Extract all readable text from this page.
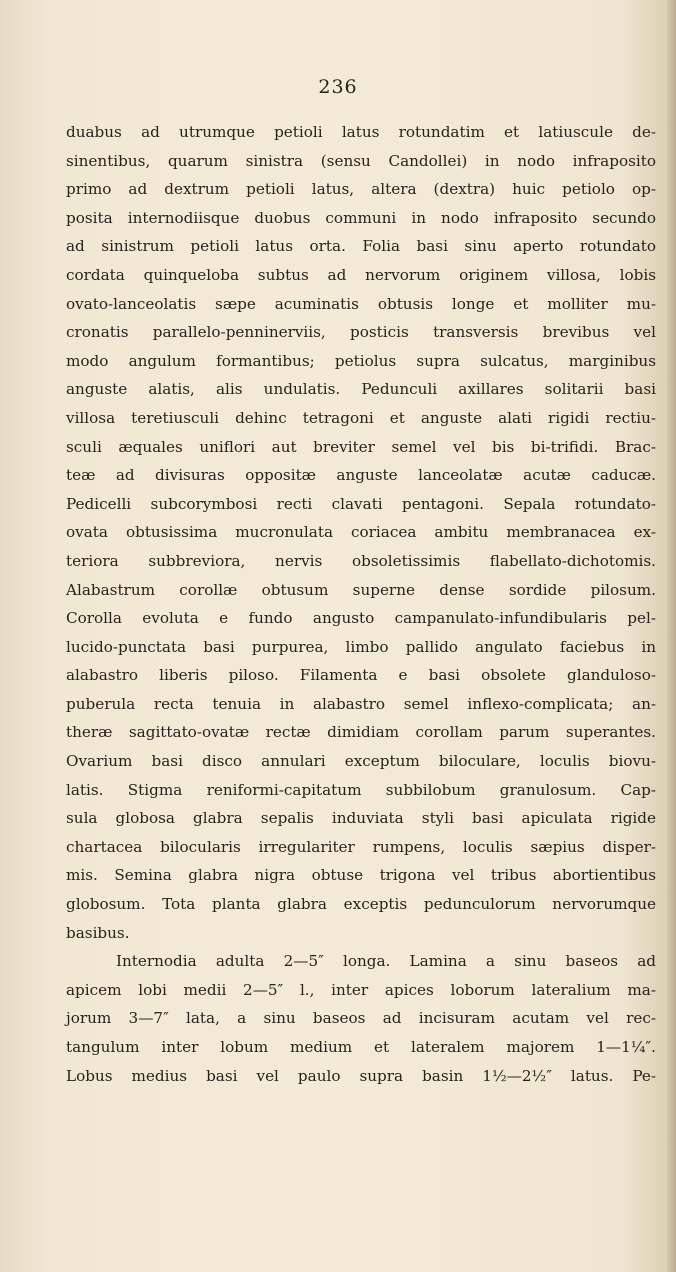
236

duabus ad utrumque petioli latus rotundatim et latiuscule de-
sinentibus, quarum sinistra (sensu Candollei) in nodo infraposito
primo ad dextrum petioli latus, altera (dextra) huic petiolo op-
posita internodiisque duobus communi in nodo infraposito secundo
ad sinistrum petioli latus orta. Folia basi sinu aperto rotundato
cordata quinqueloba subtus ad nervorum originem villosa, lobis
ovato-lanceolatis sæpe acuminatis obtusis longe et molliter mu-
cronatis parallelo-penninerviis, posticis transversis brevibus vel
modo angulum formantibus; petiolus supra sulcatus, marginibus
anguste alatis, alis undulatis. Pedunculi axillares solitarii basi
villosa teretiusculi dehinc tetragoni et anguste alati rigidi rectiu-
sculi æquales uniflori aut breviter semel vel bis bi-trifidi. Brac-
teæ ad divisuras oppositæ anguste lanceolatæ acutæ caducæ.
Pedicelli subcorymbosi recti clavati pentagoni. Sepala rotundato-
ovata obtusissima mucronulata coriacea ambitu membranacea ex-
teriora subbreviora, nervis obsoletissimis flabellato-dichotomis.
Alabastrum corollæ obtusum superne dense sordide pilosum.
Corolla evoluta e fundo angusto campanulato-infundibularis pel-
lucido-punctata basi purpurea, limbo pallido angulato faciebus in
alabastro liberis piloso. Filamenta e basi obsolete glanduloso-
puberula recta tenuia in alabastro semel inflexo-complicata; an-
theræ sagittato-ovatæ rectæ dimidiam corollam parum superantes.
Ovarium basi disco annulari exceptum biloculare, loculis biovu-
latis. Stigma reniformi-capitatum subbilobum granulosum. Cap-
sula globosa glabra sepalis induviata styli basi apiculata rigide
chartacea bilocularis irregulariter rumpens, loculis sæpius disper-
mis. Semina glabra nigra obtuse trigona vel tribus abortientibus
globosum. Tota planta glabra exceptis pedunculorum nervorumque
basibus.

Internodia adulta 2—5″ longa. Lamina a sinu baseos ad
apicem lobi medii 2—5″ l., inter apices loborum lateralium ma-
jorum 3—7″ lata, a sinu baseos ad incisuram acutam vel rec-
tangulum inter lobum medium et lateralem majorem 1—1¼″.
Lobus medius basi vel paulo supra basin 1½—2½″ latus. Pe-
